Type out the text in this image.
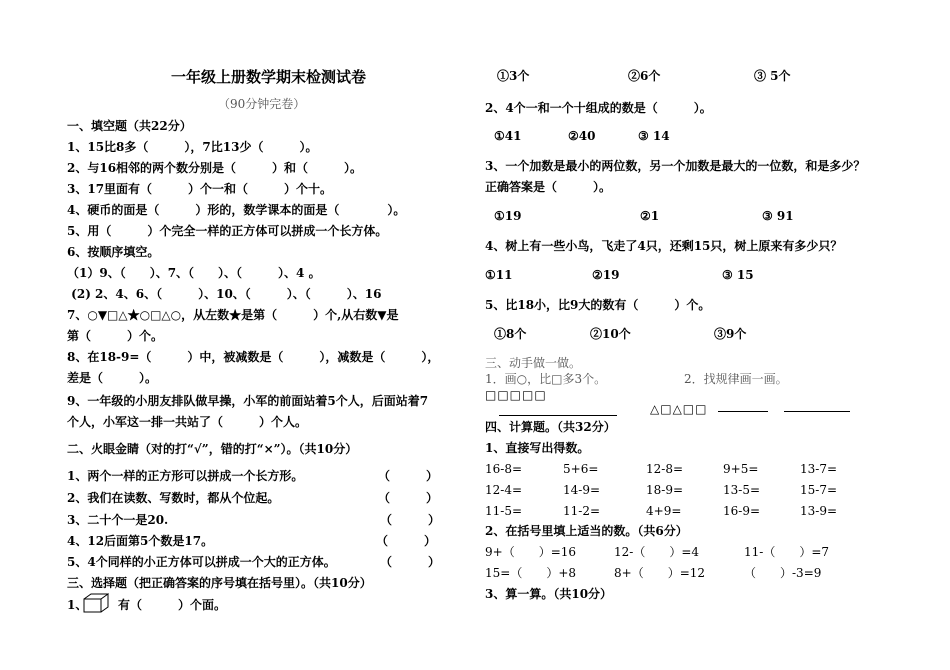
一年级上册数学期末检测试卷
（90分钟完卷）
一、填空题（共22分）
1、15比8多（　　　），7比13少（　　　）。
2、与16相邻的两个数分别是（　　　）和（　　　）。
3、17里面有（　　　）个一和（　　　）个十。
4、硬币的面是（　　　）形的，数学课本的面是（　　　　）。
5、用（　　　）个完全一样的正方体可以拼成一个长方体。
6、按顺序填空。
（1）9、（　　）、7、（　　）、（　　　）、4 。
(2) 2、4、6、（　　　）、10、（　　　）、（　　　）、16
7、○▼□△★○□△○，从左数★是第（　　　）个,从右数▼是
第（　　　）个。
8、在18-9=（　　　）中，被减数是（　　　），减数是（　　　），
差是（　　　）。
9、一年级的小朋友排队做早操，小军的前面站着5个人，后面站着7
个人，小军这一排一共站了（　　　）个人。
二、火眼金睛（对的打“√”，错的打“×”）。（共10分）
1、两个一样的正方形可以拼成一个长方形。	（　　　）
2、我们在读数、写数时，都从个位起。	（　　　）
3、二十个一是20.	（　　　）
4、12后面第5个数是17。	（　　　）
5、4个同样的小正方体可以拼成一个大的正方体。	（　　　）
三、选择题（把正确答案的序号填在括号里）。（共10分）
1、	有（　　　）个面。
①3个	②6个	③ 5个
2、4个一和一个十组成的数是（　　　）。
①41	②40	③ 14
3、一个加数是最小的两位数，另一个加数是最大的一位数，和是多少？
正确答案是（　　　）。
①19	②1	③ 91
4、树上有一些小鸟，飞走了4只，还剩15只，树上原来有多少只？
①11	②19	③ 15
5、比18小，比9大的数有（　　　）个。
①8个	②10个	③9个
三、动手做一做。
1．画○，比□多3个。	2．找规律画一画。
□□□□□
△□△□□
四、计算题。（共32分）
1、直接写出得数。
16-8=	5+6=	12-8=	9+5=	13-7=
12-4=	14-9=	18-9=	13-5=	15-7=
11-5=	11-2=	4+9=	16-9=	13-9=
2、在括号里填上适当的数。（共6分）
9+（　　）=16	12-（　　）=4	11-（　　）=7
15=（　　）+8	8+（　　）=12	（　　）-3=9
3、算一算。（共10分）
